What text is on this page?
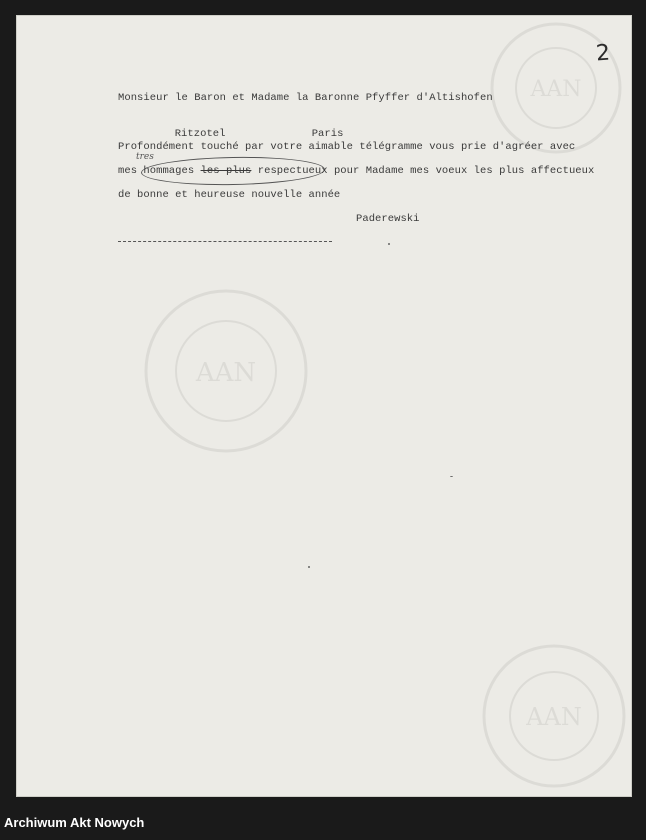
AAN
AAN
AAN
2
Monsieur le Baron et Madame la Baronne Pfyffer d'Altishofen

Ritzotel	Paris

Profondément touché par votre aimable télégramme vous prie d'agréer avec
trеs
mes hommages les plus respectueux pour Madame mes voeux les plus affectueux
de bonne et heureuse nouvelle année
Paderewski
Archiwum Akt Nowych
